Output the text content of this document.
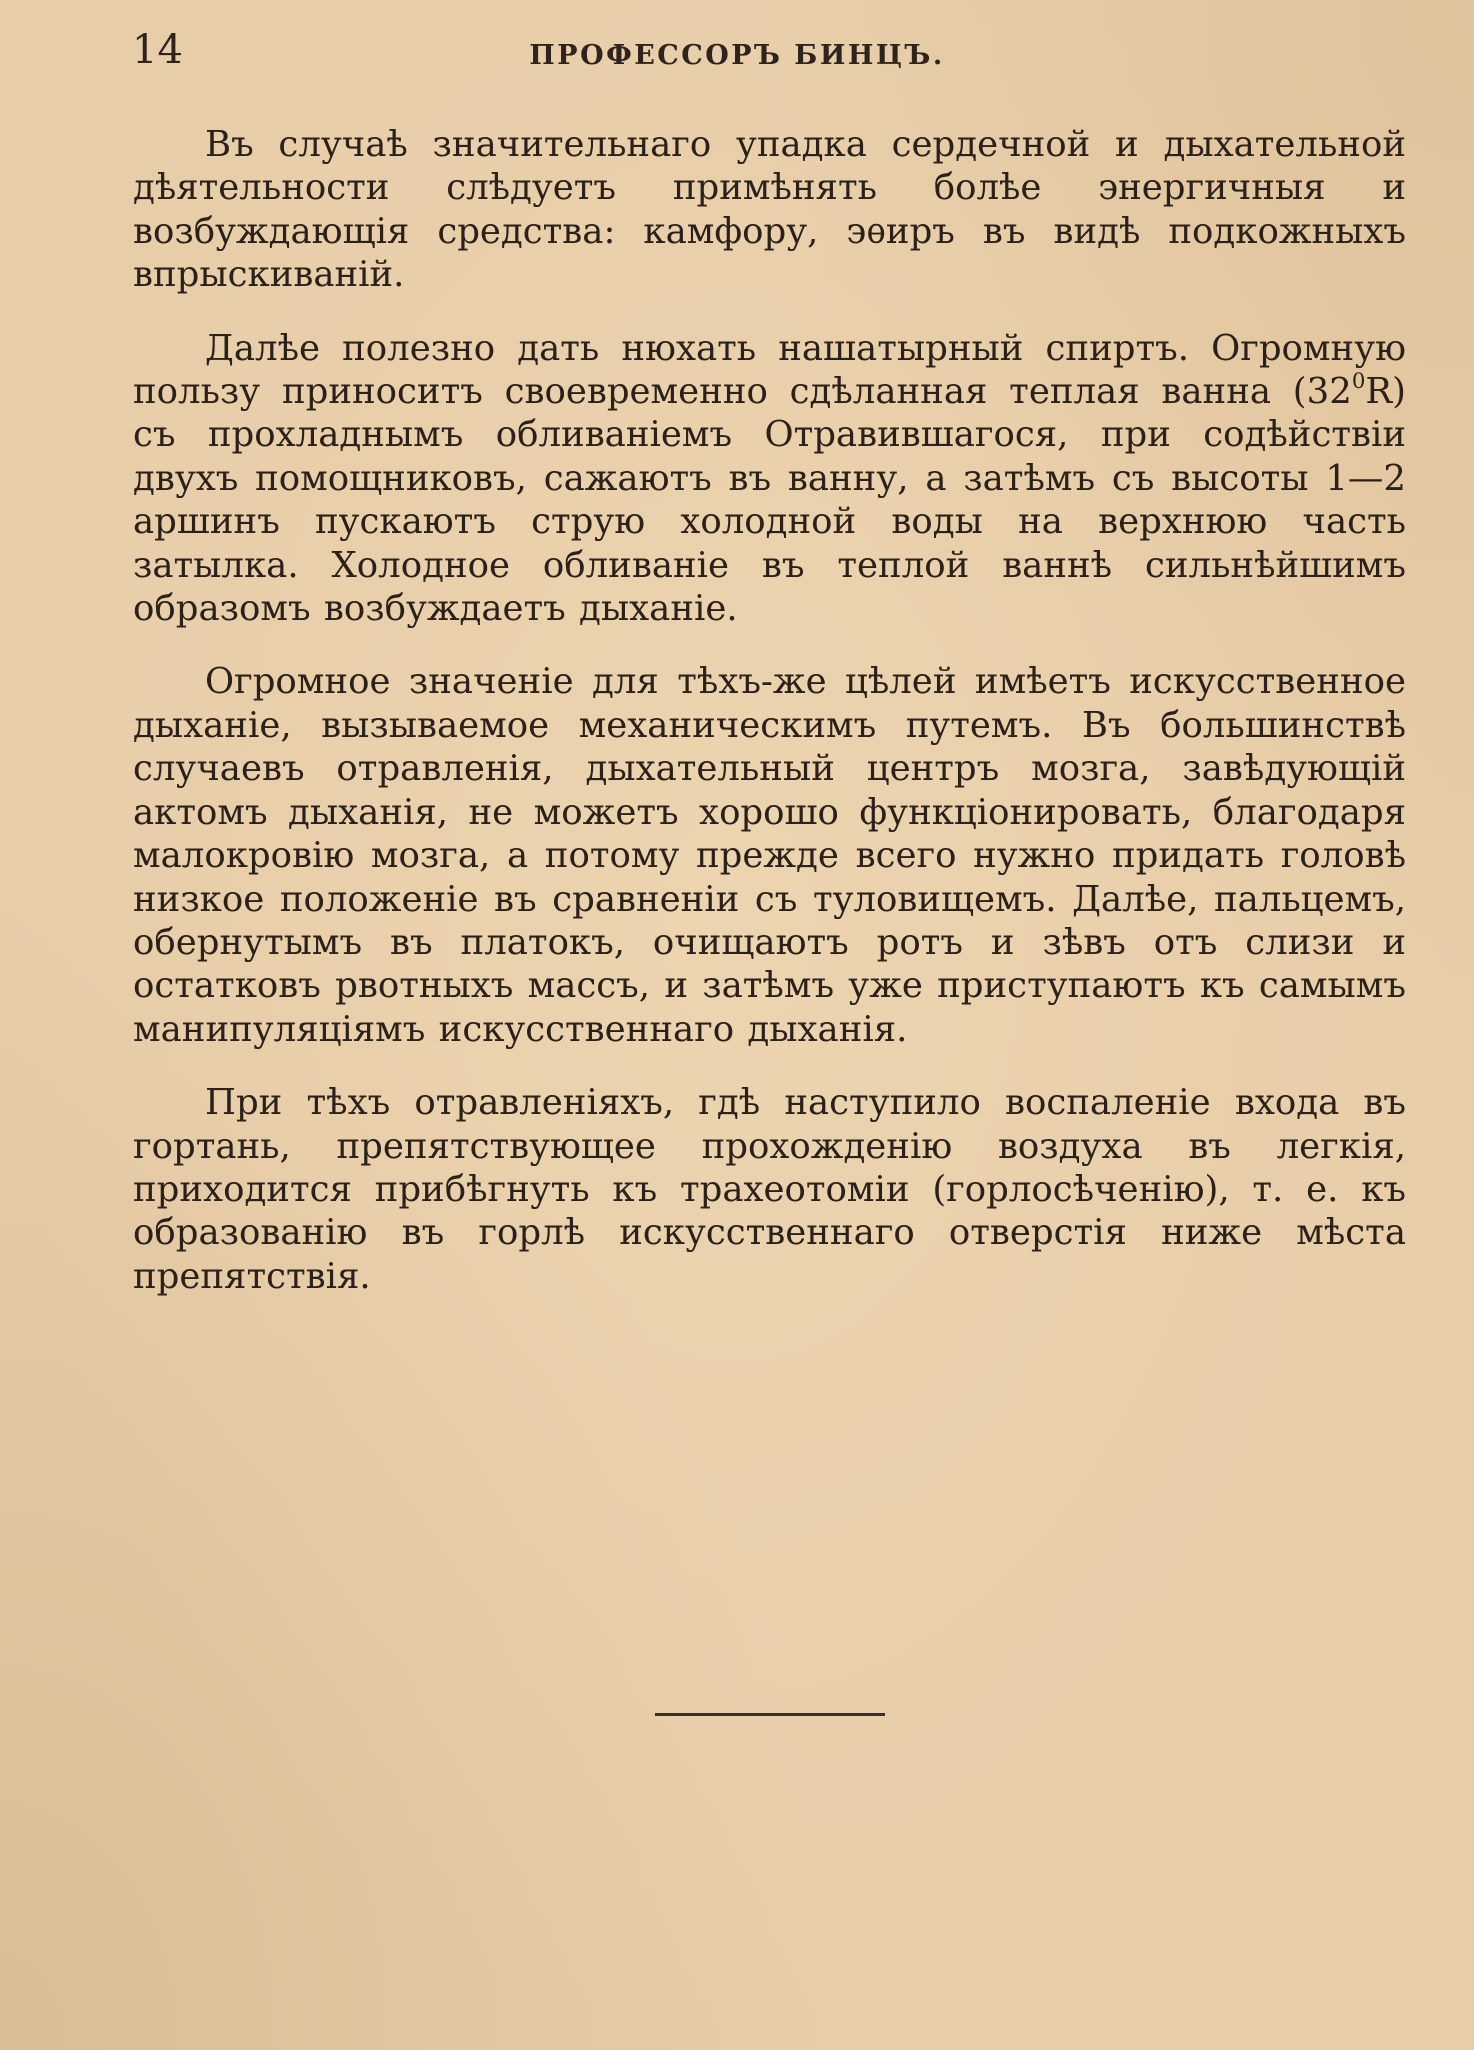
14	ПРОФЕССОРЪ БИНЦЪ.

Въ случаѣ значительнаго упадка сердечной и дыхательной дѣятельности слѣдуетъ примѣнять болѣе энергичныя и возбуждающія средства: камфору, эѳиръ въ видѣ подкожныхъ впрыскиваній.

Далѣе полезно дать нюхать нашатырный спиртъ. Огромную пользу приноситъ своевременно сдѣланная теплая ванна $(32^0R)$ съ прохладнымъ обливаніемъ Отравившагося, при содѣйствіи двухъ помощниковъ, сажаютъ въ ванну, а затѣмъ съ высоты 1—2 аршинъ пускаютъ струю холодной воды на верхнюю часть затылка. Холодное обливаніе въ теплой ваннѣ сильнѣйшимъ образомъ возбуждаетъ дыханіе.

Огромное значеніе для тѣхъ-же цѣлей имѣетъ искусственное дыханіе, вызываемое механическимъ путемъ. Въ большинствѣ случаевъ отравленія, дыхательный центръ мозга, завѣдующій актомъ дыханія, не можетъ хорошо функціонировать, благодаря малокровію мозга, а потому прежде всего нужно придать головѣ низкое положеніе въ сравненіи съ туловищемъ. Далѣе, пальцемъ, обернутымъ въ платокъ, очищаютъ ротъ и зѣвъ отъ слизи и остатковъ рвотныхъ массъ, и затѣмъ уже приступаютъ къ самымъ манипуляціямъ искусственнаго дыханія.

При тѣхъ отравленіяхъ, гдѣ наступило воспаленіе входа въ гортань, препятствующее прохожденію воздуха въ легкія, приходится прибѣгнуть къ трахеотоміи (горлосѣченію), т. е. къ образованію въ горлѣ искусственнаго отверстія ниже мѣста препятствія.
